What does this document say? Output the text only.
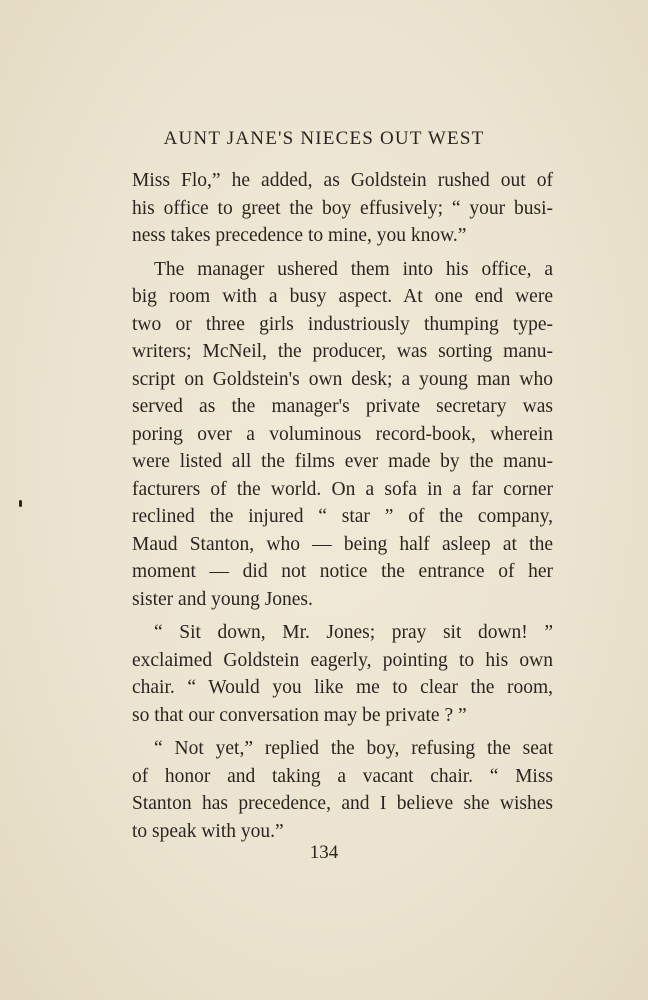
AUNT JANE'S NIECES OUT WEST
Miss Flo,” he added, as Goldstein rushed out of
his office to greet the boy effusively; “ your busi-
ness takes precedence to mine, you know.”
The manager ushered them into his office, a
big room with a busy aspect. At one end were
two or three girls industriously thumping type-
writers; McNeil, the producer, was sorting manu-
script on Goldstein's own desk; a young man who
served as the manager's private secretary was
poring over a voluminous record-book, wherein
were listed all the films ever made by the manu-
facturers of the world. On a sofa in a far corner
reclined the injured “ star ” of the company,
Maud Stanton, who — being half asleep at the
moment — did not notice the entrance of her
sister and young Jones.
“ Sit down, Mr. Jones; pray sit down! ”
exclaimed Goldstein eagerly, pointing to his own
chair. “ Would you like me to clear the room,
so that our conversation may be private ? ”
“ Not yet,” replied the boy, refusing the seat
of honor and taking a vacant chair. “ Miss
Stanton has precedence, and I believe she wishes
to speak with you.”
134
